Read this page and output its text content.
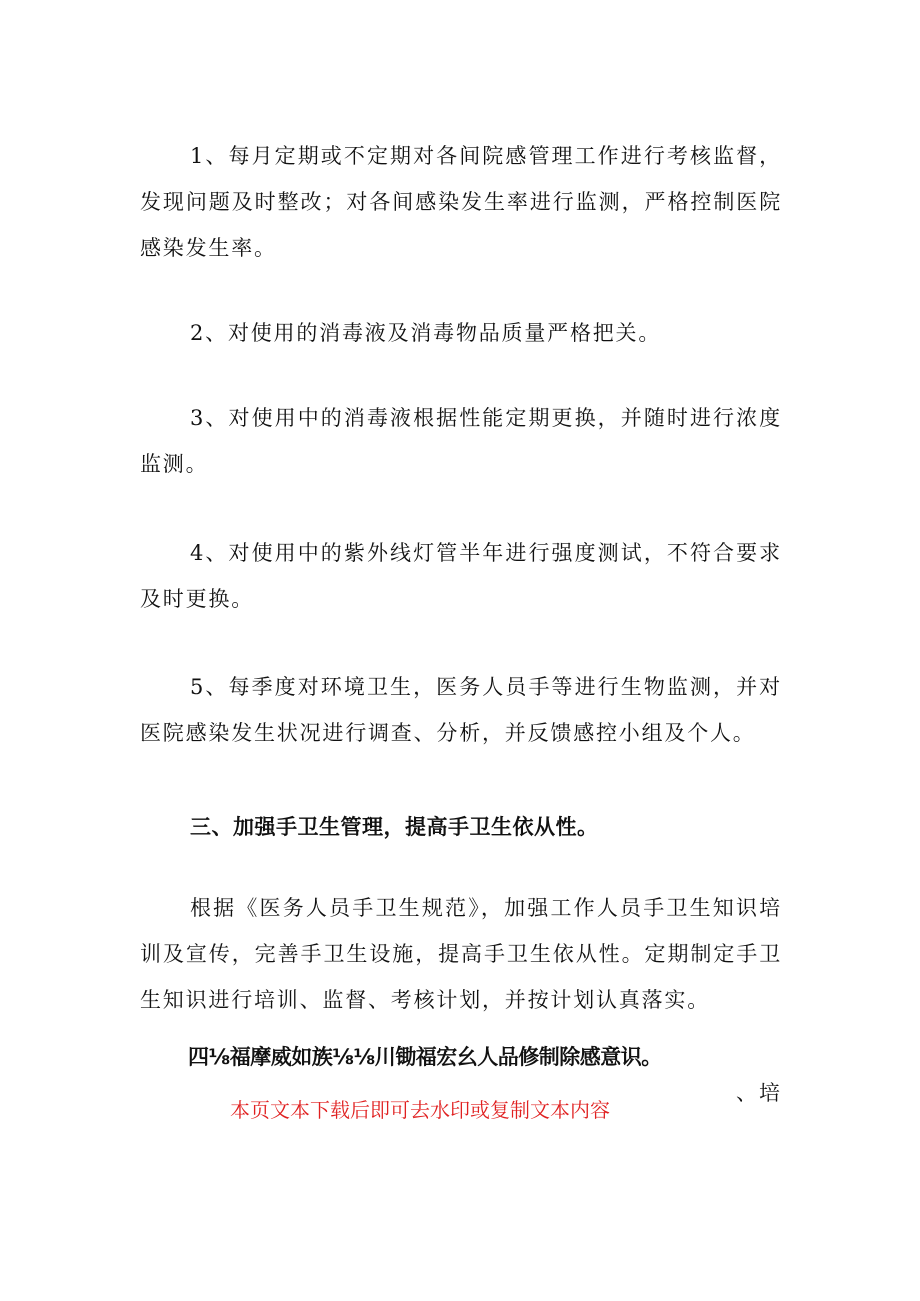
1、每月定期或不定期对各间院感管理工作进行考核监督，发现问题及时整改；对各间感染发生率进行监测，严格控制医院感染发生率。

2、对使用的消毒液及消毒物品质量严格把关。

3、对使用中的消毒液根据性能定期更换，并随时进行浓度监测。

4、对使用中的紫外线灯管半年进行强度测试，不符合要求及时更换。

5、每季度对环境卫生，医务人员手等进行生物监测，并对医院感染发生状况进行调查、分析，并反馈感控小组及个人。

三、加强手卫生管理，提高手卫生依从性。

根据《医务人员手卫生规范》，加强工作人员手卫生知识培训及宣传，完善手卫生设施，提高手卫生依从性。定期制定手卫生知识进行培训、监督、考核计划，并按计划认真落实。

四⅛福摩威如族⅛⅛川锄福宏幺人品修制除感意识。

、培

本页文本下载后即可去水印或复制文本内容
